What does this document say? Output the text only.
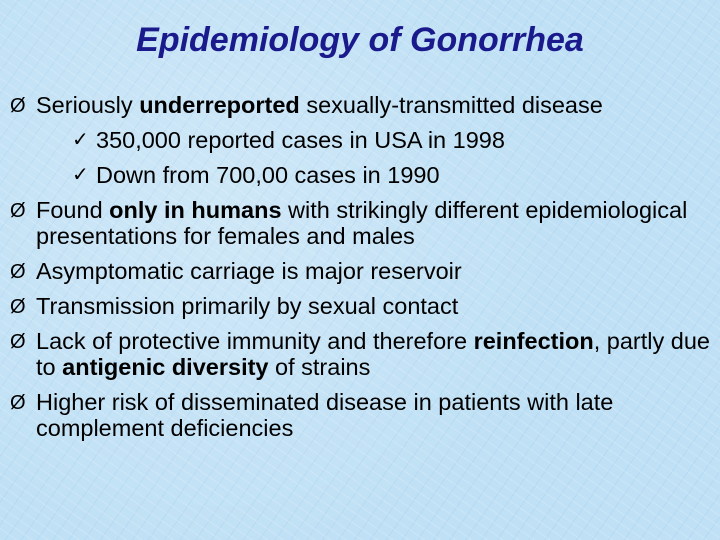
Epidemiology of Gonorrhea
Ø Seriously underreported sexually-transmitted disease
✓ 350,000 reported cases in USA in 1998
✓ Down from 700,00 cases in 1990
Ø Found only in humans with strikingly different epidemiological presentations for females and males
Ø Asymptomatic carriage is major reservoir
Ø Transmission primarily by sexual contact
Ø Lack of protective immunity and therefore reinfection, partly due to antigenic diversity of strains
Ø Higher risk of disseminated disease in patients with late complement deficiencies
